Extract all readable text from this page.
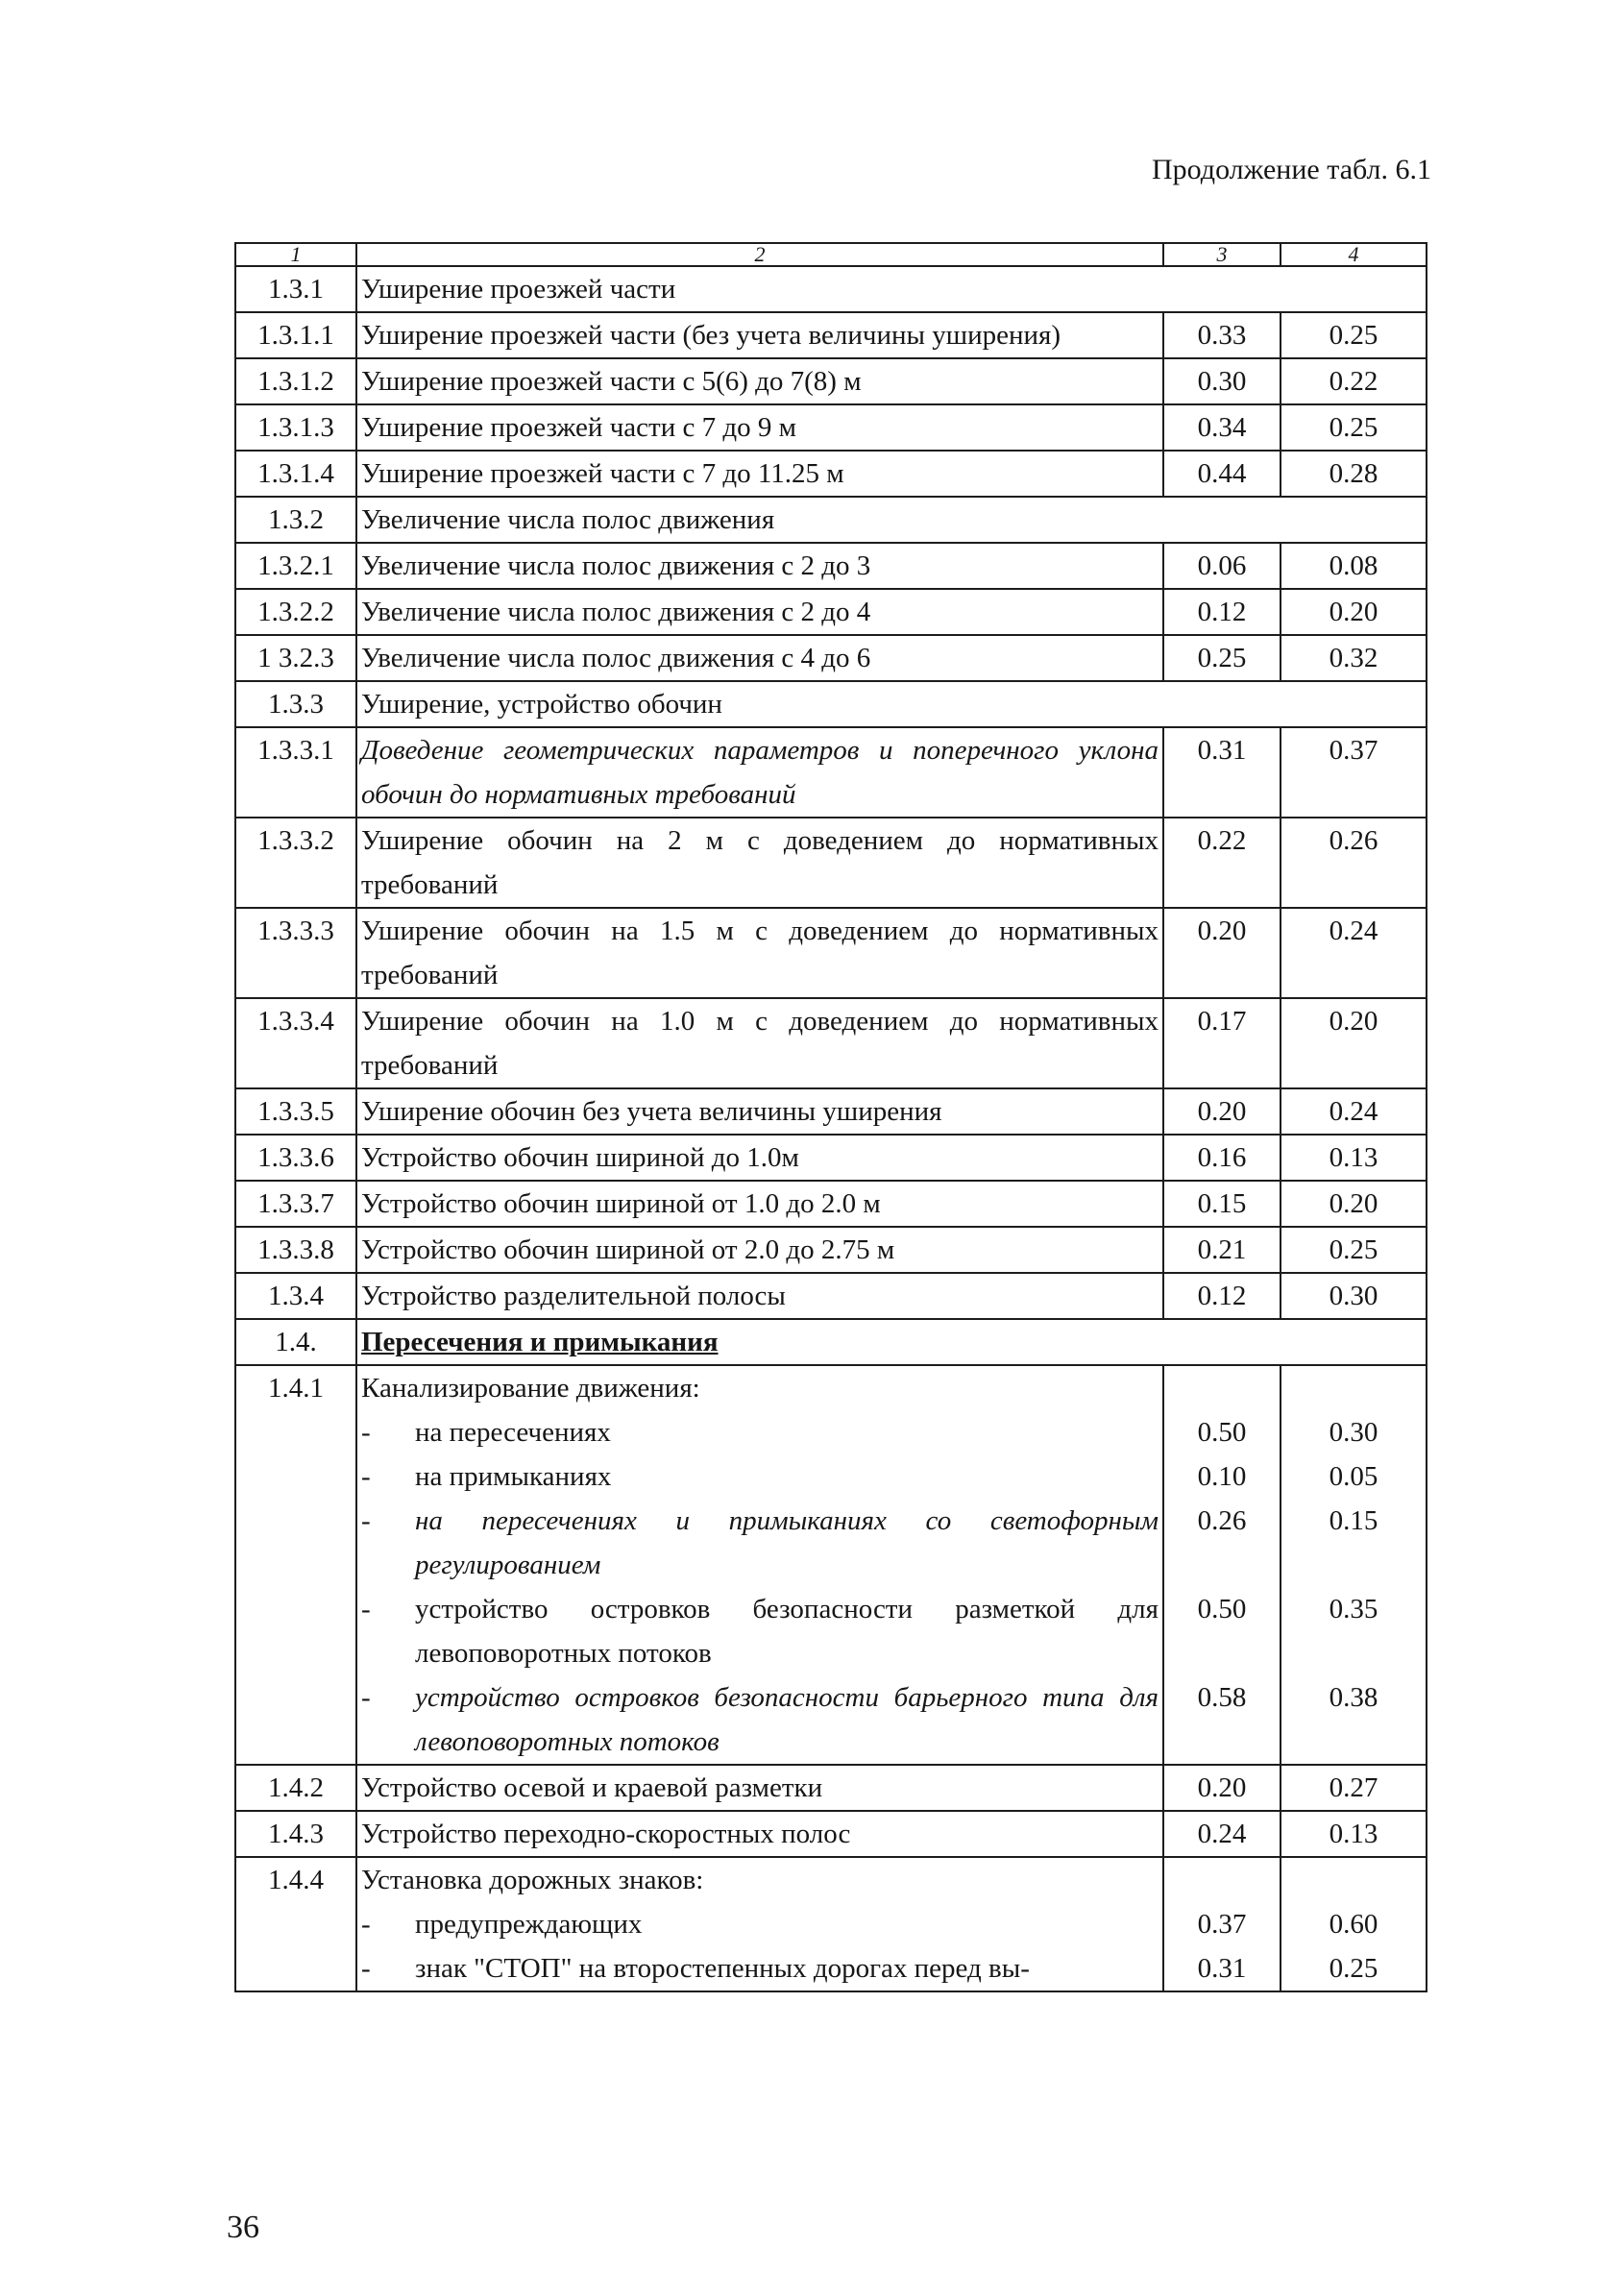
Продолжение табл. 6.1
1	2	3	4
1.3.1	Уширение проезжей части		
1.3.1.1	Уширение проезжей части (без учета величины уширения)	0.33	0.25
1.3.1.2	Уширение проезжей части с 5(6) до 7(8) м	0.30	0.22
1.3.1.3	Уширение проезжей части с 7 до 9 м	0.34	0.25
1.3.1.4	Уширение проезжей части с 7 до 11.25 м	0.44	0.28
1.3.2	Увеличение числа полос движения		
1.3.2.1	Увеличение числа полос движения с 2 до 3	0.06	0.08
1.3.2.2	Увеличение числа полос движения с 2 до 4	0.12	0.20
1 3.2.3	Увеличение числа полос движения с 4 до 6	0.25	0.32
1.3.3	Уширение, устройство обочин		
1.3.3.1	Доведение геометрических параметров и поперечного уклона обочин до нормативных требований	0.31	0.37
1.3.3.2	Уширение обочин на 2 м с доведением до нормативных требований	0.22	0.26
1.3.3.3	Уширение обочин на 1.5 м с доведением до нормативных требований	0.20	0.24
1.3.3.4	Уширение обочин на 1.0 м с доведением до нормативных требований	0.17	0.20
1.3.3.5	Уширение обочин без учета величины уширения	0.20	0.24
1.3.3.6	Устройство обочин шириной до 1.0м	0.16	0.13
1.3.3.7	Устройство обочин шириной от 1.0 до 2.0 м	0.15	0.20
1.3.3.8	Устройство обочин шириной от 2.0 до 2.75 м	0.21	0.25
1.3.4	Устройство разделительной полосы	0.12	0.30
1.4.	Пересечения и примыкания		
1.4.1	Канализирование движения:		

	- на пересечениях	0.50	0.30

	- на примыканиях	0.10	0.05

	- на пересечениях и примыканиях со светофорным регулированием	0.26	0.15

	- устройство островков безопасности разметкой для левоповоротных потоков	0.50	0.35

	- устройство островков безопасности барьерного типа для левоповоротных потоков	0.58	0.38
1.4.2	Устройство осевой и краевой разметки	0.20	0.27
1.4.3	Устройство переходно-скоростных полос	0.24	0.13
1.4.4	Установка дорожных знаков:		

	- предупреждающих	0.37	0.60

	- знак "СТОП" на второстепенных дорогах перед вы-	0.31	0.25
36
